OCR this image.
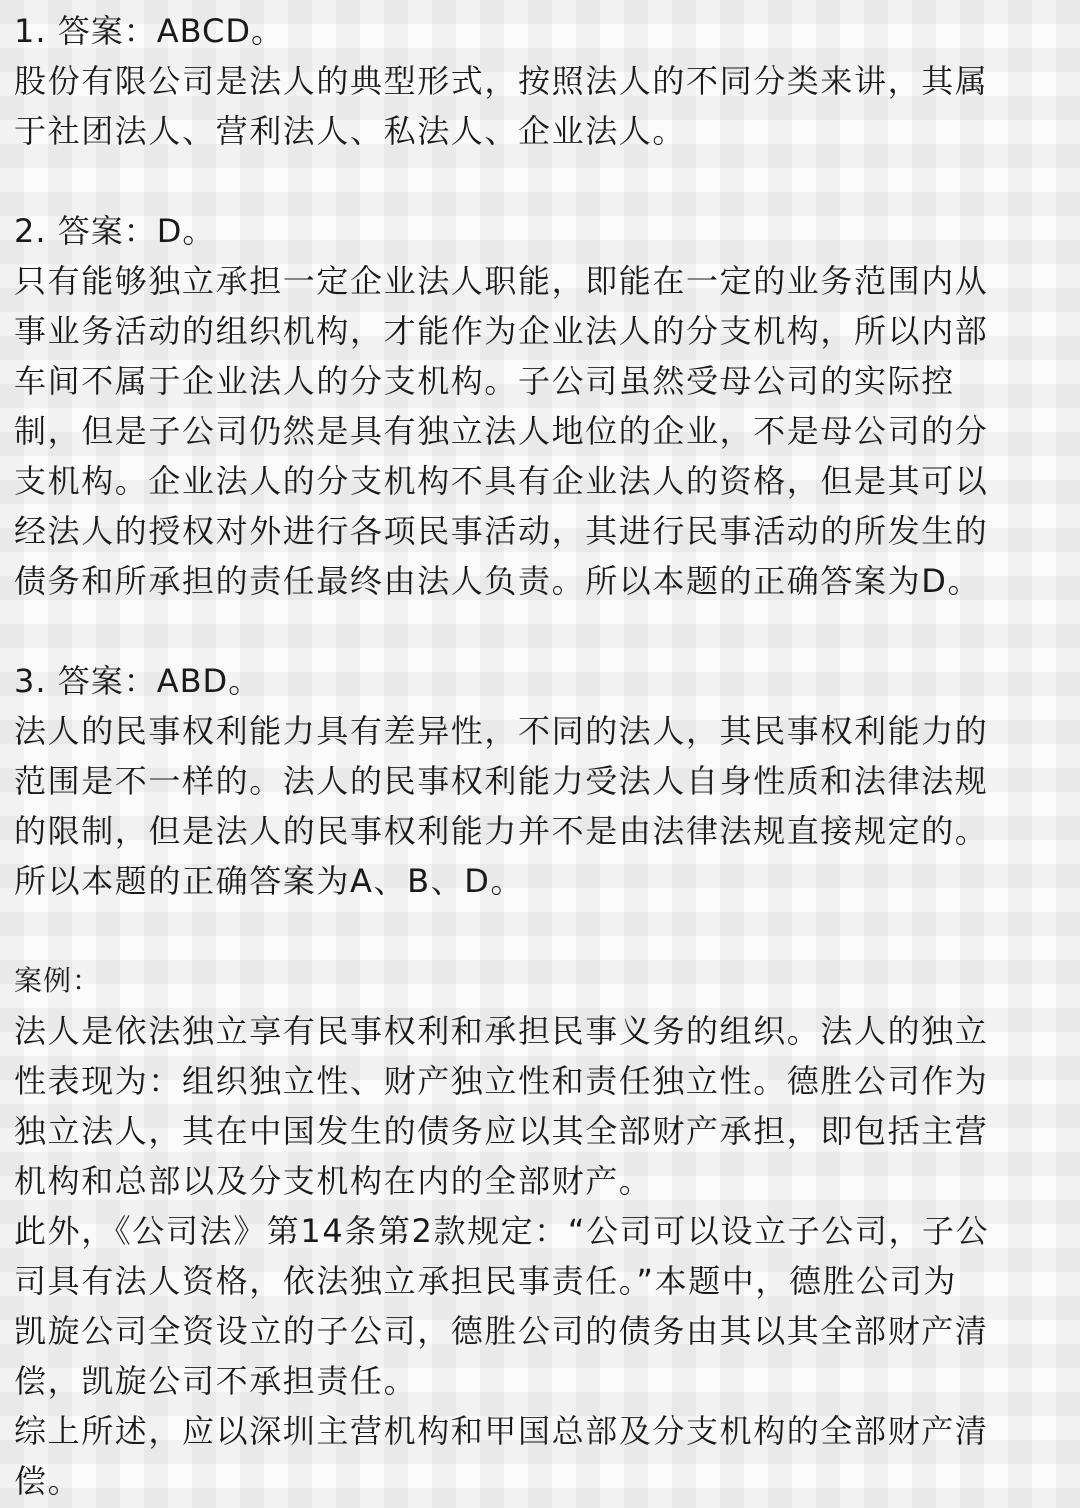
1. 答案：ABCD。
股份有限公司是法人的典型形式，按照法人的不同分类来讲，其属
于社团法人、营利法人、私法人、企业法人。
2. 答案：D。
只有能够独立承担一定企业法人职能，即能在一定的业务范围内从
事业务活动的组织机构，才能作为企业法人的分支机构，所以内部
车间不属于企业法人的分支机构。子公司虽然受母公司的实际控
制，但是子公司仍然是具有独立法人地位的企业，不是母公司的分
支机构。企业法人的分支机构不具有企业法人的资格，但是其可以
经法人的授权对外进行各项民事活动，其进行民事活动的所发生的
债务和所承担的责任最终由法人负责。所以本题的正确答案为D。
3. 答案：ABD。
法人的民事权利能力具有差异性，不同的法人，其民事权利能力的
范围是不一样的。法人的民事权利能力受法人自身性质和法律法规
的限制，但是法人的民事权利能力并不是由法律法规直接规定的。
所以本题的正确答案为A、B、D。
案例：
法人是依法独立享有民事权利和承担民事义务的组织。法人的独立
性表现为：组织独立性、财产独立性和责任独立性。德胜公司作为
独立法人，其在中国发生的债务应以其全部财产承担，即包括主营
机构和总部以及分支机构在内的全部财产。
此外，《公司法》第14条第2款规定：“公司可以设立子公司，子公
司具有法人资格，依法独立承担民事责任。”本题中，德胜公司为
凯旋公司全资设立的子公司，德胜公司的债务由其以其全部财产清
偿，凯旋公司不承担责任。
综上所述，应以深圳主营机构和甲国总部及分支机构的全部财产清
偿。
